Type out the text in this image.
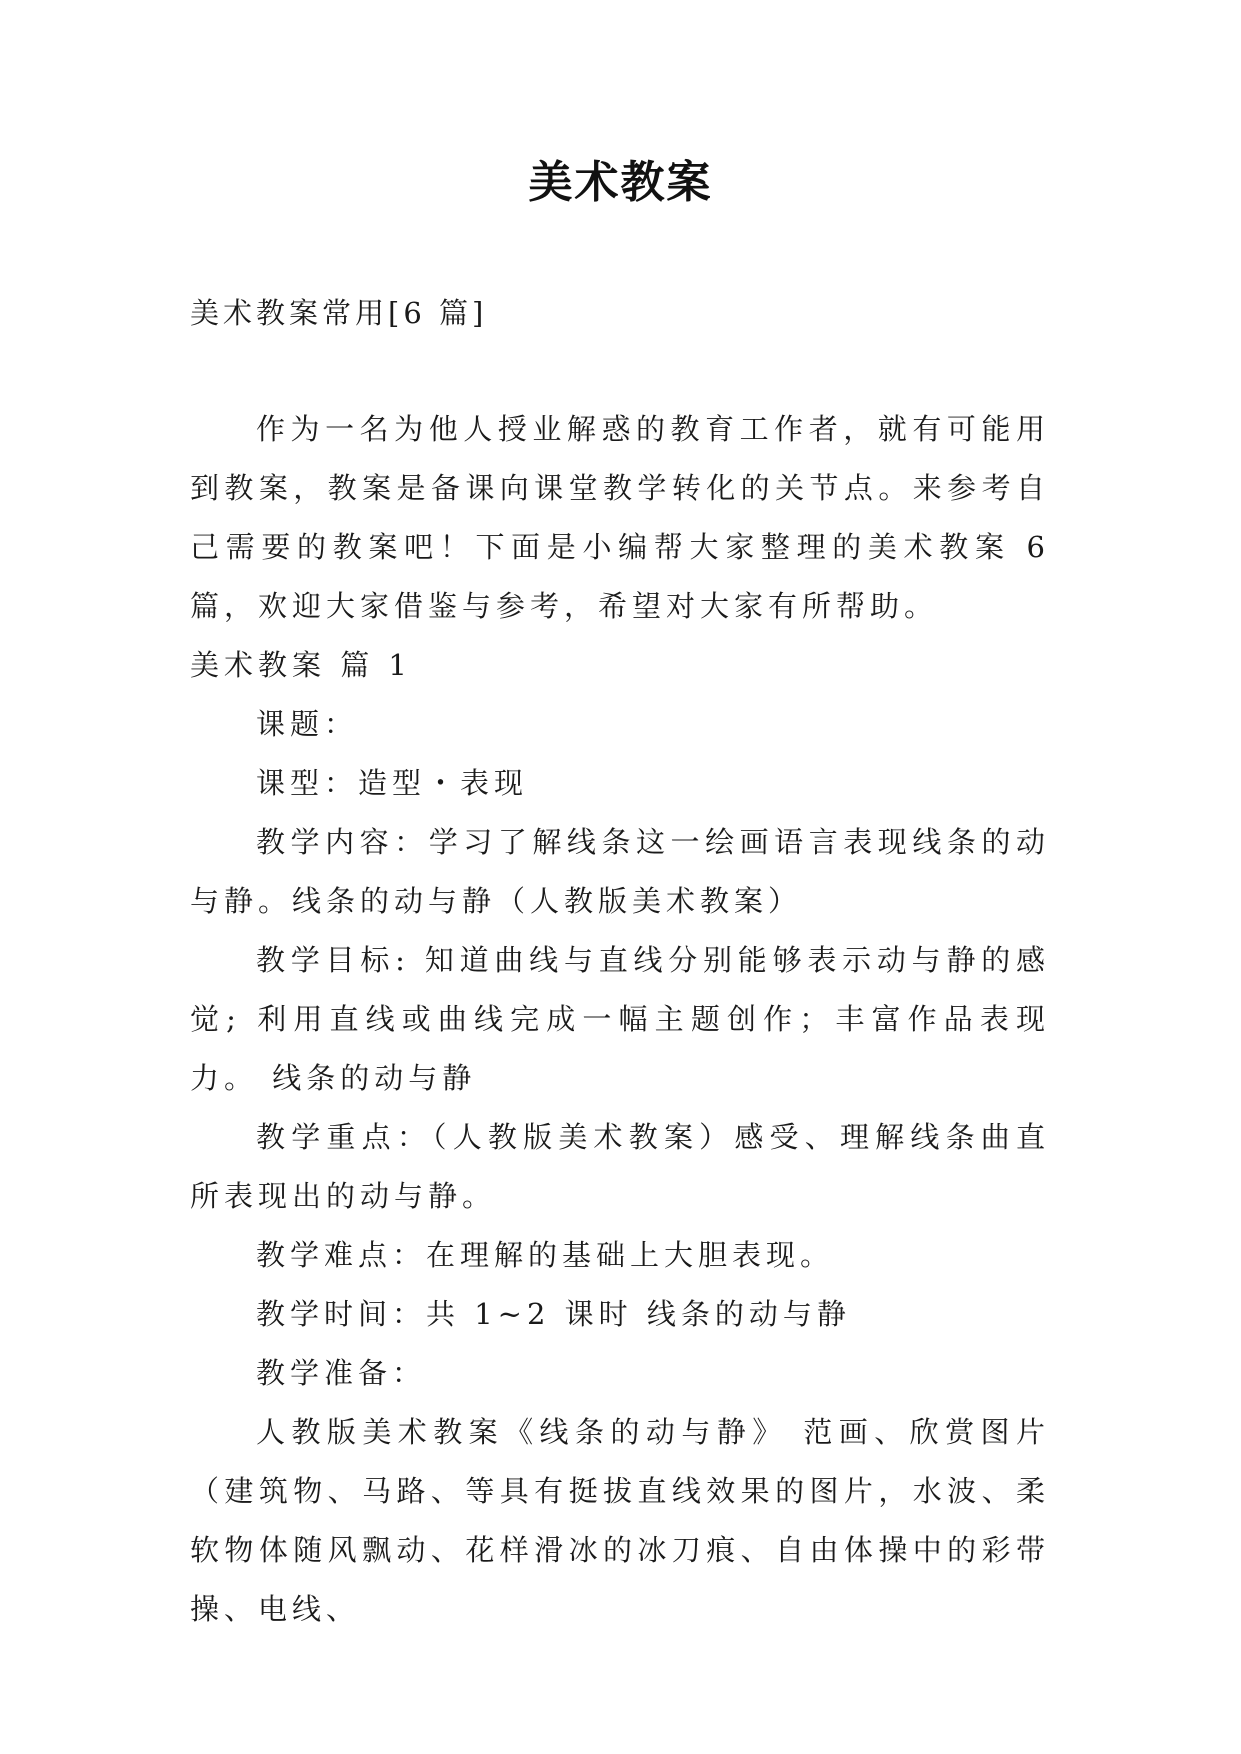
美术教案
美术教案常用[6 篇]

作为一名为他人授业解惑的教育工作者，就有可能用到教案，教案是备课向课堂教学转化的关节点。来参考自己需要的教案吧！下面是小编帮大家整理的美术教案 6 篇，欢迎大家借鉴与参考，希望对大家有所帮助。

美术教案 篇 1

课题：

课型：造型・表现

教学内容：学习了解线条这一绘画语言表现线条的动与静。线条的动与静（人教版美术教案）

教学目标: 知道曲线与直线分别能够表示动与静的感觉; 利用直线或曲线完成一幅主题创作；丰富作品表现力。 线条的动与静

教学重点：（人教版美术教案）感受、理解线条曲直所表现出的动与静。

教学难点：在理解的基础上大胆表现。

教学时间：共 1~2 课时 线条的动与静

教学准备：

人教版美术教案《线条的动与静》 范画、欣赏图片（建筑物、马路、等具有挺拔直线效果的图片，水波、柔软物体随风飘动、花样滑冰的冰刀痕、自由体操中的彩带操、电线、
